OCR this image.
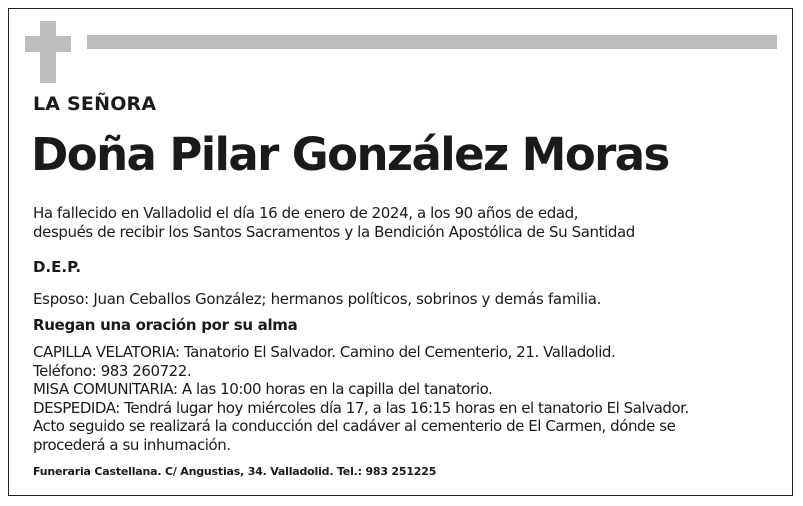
LA SEÑORA

Doña Pilar González Moras

Ha fallecido en Valladolid el día 16 de enero de 2024, a los 90 años de edad,
después de recibir los Santos Sacramentos y la Bendición Apostólica de Su Santidad

D.E.P.

Esposo: Juan Ceballos González; hermanos políticos, sobrinos y demás familia.

Ruegan una oración por su alma

CAPILLA VELATORIA: Tanatorio El Salvador. Camino del Cementerio, 21. Valladolid.
Teléfono: 983 260722.
MISA COMUNITARIA: A las 10:00 horas en la capilla del tanatorio.
DESPEDIDA: Tendrá lugar hoy miércoles día 17, a las 16:15 horas en el tanatorio El Salvador.
Acto seguido se realizará la conducción del cadáver al cementerio de El Carmen, dónde se
procederá a su inhumación.

Funeraria Castellana. C/ Angustias, 34. Valladolid. Tel.: 983 251225
